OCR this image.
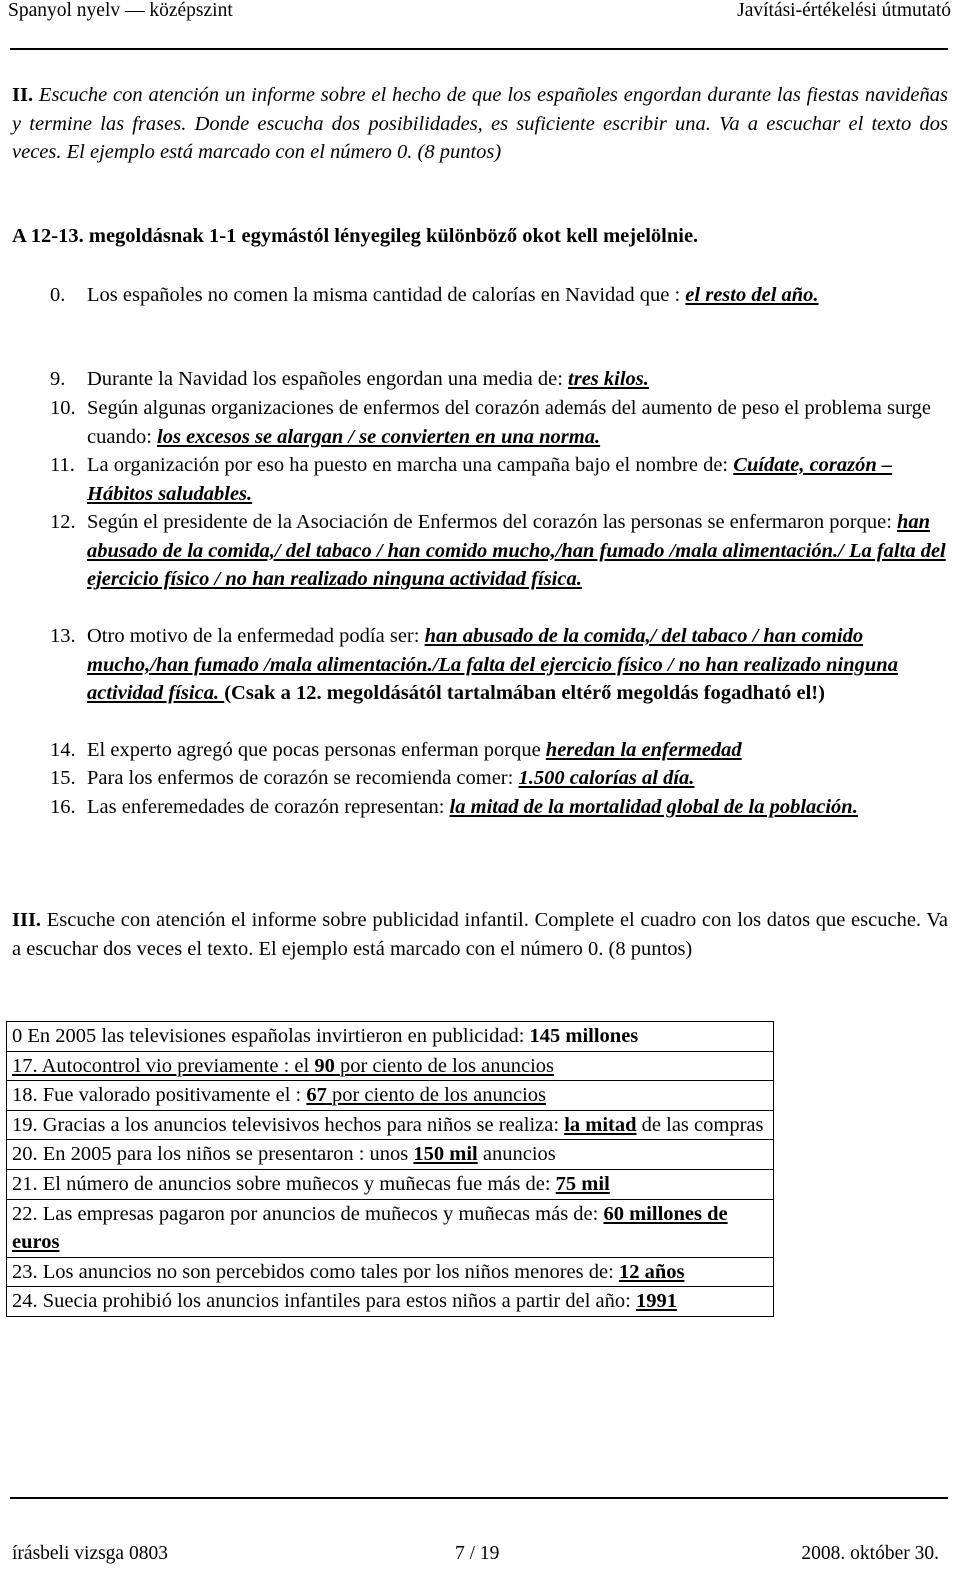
Spanyol nyelv — középszint	Javítási-értékelési útmutató
II. Escuche con atención un informe sobre el hecho de que los españoles engordan durante las fiestas navideñas y termine las frases. Donde escucha dos posibilidades, es suficiente escribir una. Va a escuchar el texto dos veces. El ejemplo está marcado con el número 0. (8 puntos)
A 12-13. megoldásnak 1-1 egymástól lényegileg különböző okot kell mejelölnie.
0. Los españoles no comen la misma cantidad de calorías en Navidad que : el resto del año.
9. Durante la Navidad los españoles engordan una media de: tres kilos.
10. Según algunas organizaciones de enfermos del corazón además del aumento de peso el problema surge cuando: los excesos se alargan / se convierten en una norma.
11. La organización por eso ha puesto en marcha una campaña bajo el nombre de: Cuídate, corazón – Hábitos saludables.
12. Según el presidente de la Asociación de Enfermos del corazón las personas se enfermaron porque: han abusado de la comida,/ del tabaco / han comido mucho,/han fumado /mala alimentación./ La falta del ejercicio físico / no han realizado ninguna actividad física.
13. Otro motivo de la enfermedad podía ser: han abusado de la comida,/ del tabaco / han comido mucho,/han fumado /mala alimentación./La falta del ejercicio físico / no han realizado ninguna actividad física. (Csak a 12. megoldásától tartalmában eltérő megoldás fogadható el!)
14. El experto agregó que pocas personas enferman porque heredan la enfermedad
15. Para los enfermos de corazón se recomienda comer: 1.500 calorías al día.
16. Las enferemedades de corazón representan: la mitad de la mortalidad global de la población.
III. Escuche con atención el informe sobre publicidad infantil. Complete el cuadro con los datos que escuche. Va a escuchar dos veces el texto. El ejemplo está marcado con el número 0. (8 puntos)
0 En 2005 las televisiones españolas invirtieron en publicidad: 145 millones
17. Autocontrol vio previamente : el 90 por ciento de los anuncios
18. Fue valorado positivamente el : 67 por ciento de los anuncios
19. Gracias a los anuncios televisivos hechos para niños se realiza: la mitad de las compras
20. En 2005 para los niños se presentaron : unos 150 mil anuncios
21. El número de anuncios sobre muñecos y muñecas fue más de: 75 mil
22. Las empresas pagaron por anuncios de muñecos y muñecas más de: 60 millones de euros
23. Los anuncios no son percebidos como tales por los niños menores de: 12 años
24. Suecia prohibió los anuncios infantiles para estos niños a partir del año: 1991
írásbeli vizsga 0803	7 / 19	2008. október 30.
